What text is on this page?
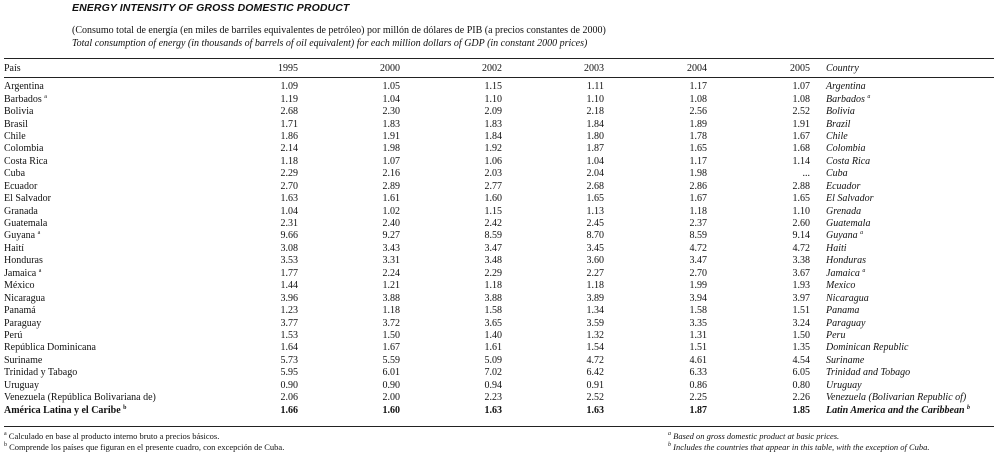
ENERGY INTENSITY OF GROSS DOMESTIC PRODUCT
(Consumo total de energía (en miles de barriles equivalentes de petróleo) por millón de dólares de PIB (a precios constantes de 2000)
Total consumption of energy (in thousands of barrels of oil equivalent) for each million dollars of GDP (in constant 2000 prices)
País	1995	2000	2002	2003	2004	2005	Country
Argentina	1.09	1.05	1.15	1.11	1.17	1.07	Argentina
Barbados $^a$	1.19	1.04	1.10	1.10	1.08	1.08	Barbados $^a$
Bolivia	2.68	2.30	2.09	2.18	2.56	2.52	Bolivia
Brasil	1.71	1.83	1.83	1.84	1.89	1.91	Brazil
Chile	1.86	1.91	1.84	1.80	1.78	1.67	Chile
Colombia	2.14	1.98	1.92	1.87	1.65	1.68	Colombia
Costa Rica	1.18	1.07	1.06	1.04	1.17	1.14	Costa Rica
Cuba	2.29	2.16	2.03	2.04	1.98	...	Cuba
Ecuador	2.70	2.89	2.77	2.68	2.86	2.88	Ecuador
El Salvador	1.63	1.61	1.60	1.65	1.67	1.65	El Salvador
Granada	1.04	1.02	1.15	1.13	1.18	1.10	Grenada
Guatemala	2.31	2.40	2.42	2.45	2.37	2.60	Guatemala
Guyana $^a$	9.66	9.27	8.59	8.70	8.59	9.14	Guyana $^a$
Haití	3.08	3.43	3.47	3.45	4.72	4.72	Haiti
Honduras	3.53	3.31	3.48	3.60	3.47	3.38	Honduras
Jamaica $^a$	1.77	2.24	2.29	2.27	2.70	3.67	Jamaica $^a$
México	1.44	1.21	1.18	1.18	1.99	1.93	Mexico
Nicaragua	3.96	3.88	3.88	3.89	3.94	3.97	Nicaragua
Panamá	1.23	1.18	1.58	1.34	1.58	1.51	Panama
Paraguay	3.77	3.72	3.65	3.59	3.35	3.24	Paraguay
Perú	1.53	1.50	1.40	1.32	1.31	1.50	Peru
República Dominicana	1.64	1.67	1.61	1.54	1.51	1.35	Dominican Republic
Suriname	5.73	5.59	5.09	4.72	4.61	4.54	Suriname
Trinidad y Tabago	5.95	6.01	7.02	6.42	6.33	6.05	Trinidad and Tobago
Uruguay	0.90	0.90	0.94	0.91	0.86	0.80	Uruguay
Venezuela (República Bolivariana de)	2.06	2.00	2.23	2.52	2.25	2.26	Venezuela (Bolivarian Republic of)
América Latina y el Caribe $^b$	1.66	1.60	1.63	1.63	1.87	1.85	Latin America and the Caribbean $^b$
$^a$ Calculado en base al producto interno bruto a precios básicos.
$^b$ Comprende los países que figuran en el presente cuadro, con excepción de Cuba.
$^a$ Based on gross domestic product at basic prices.
$^b$ Includes the countries that appear in this table, with the exception of Cuba.
